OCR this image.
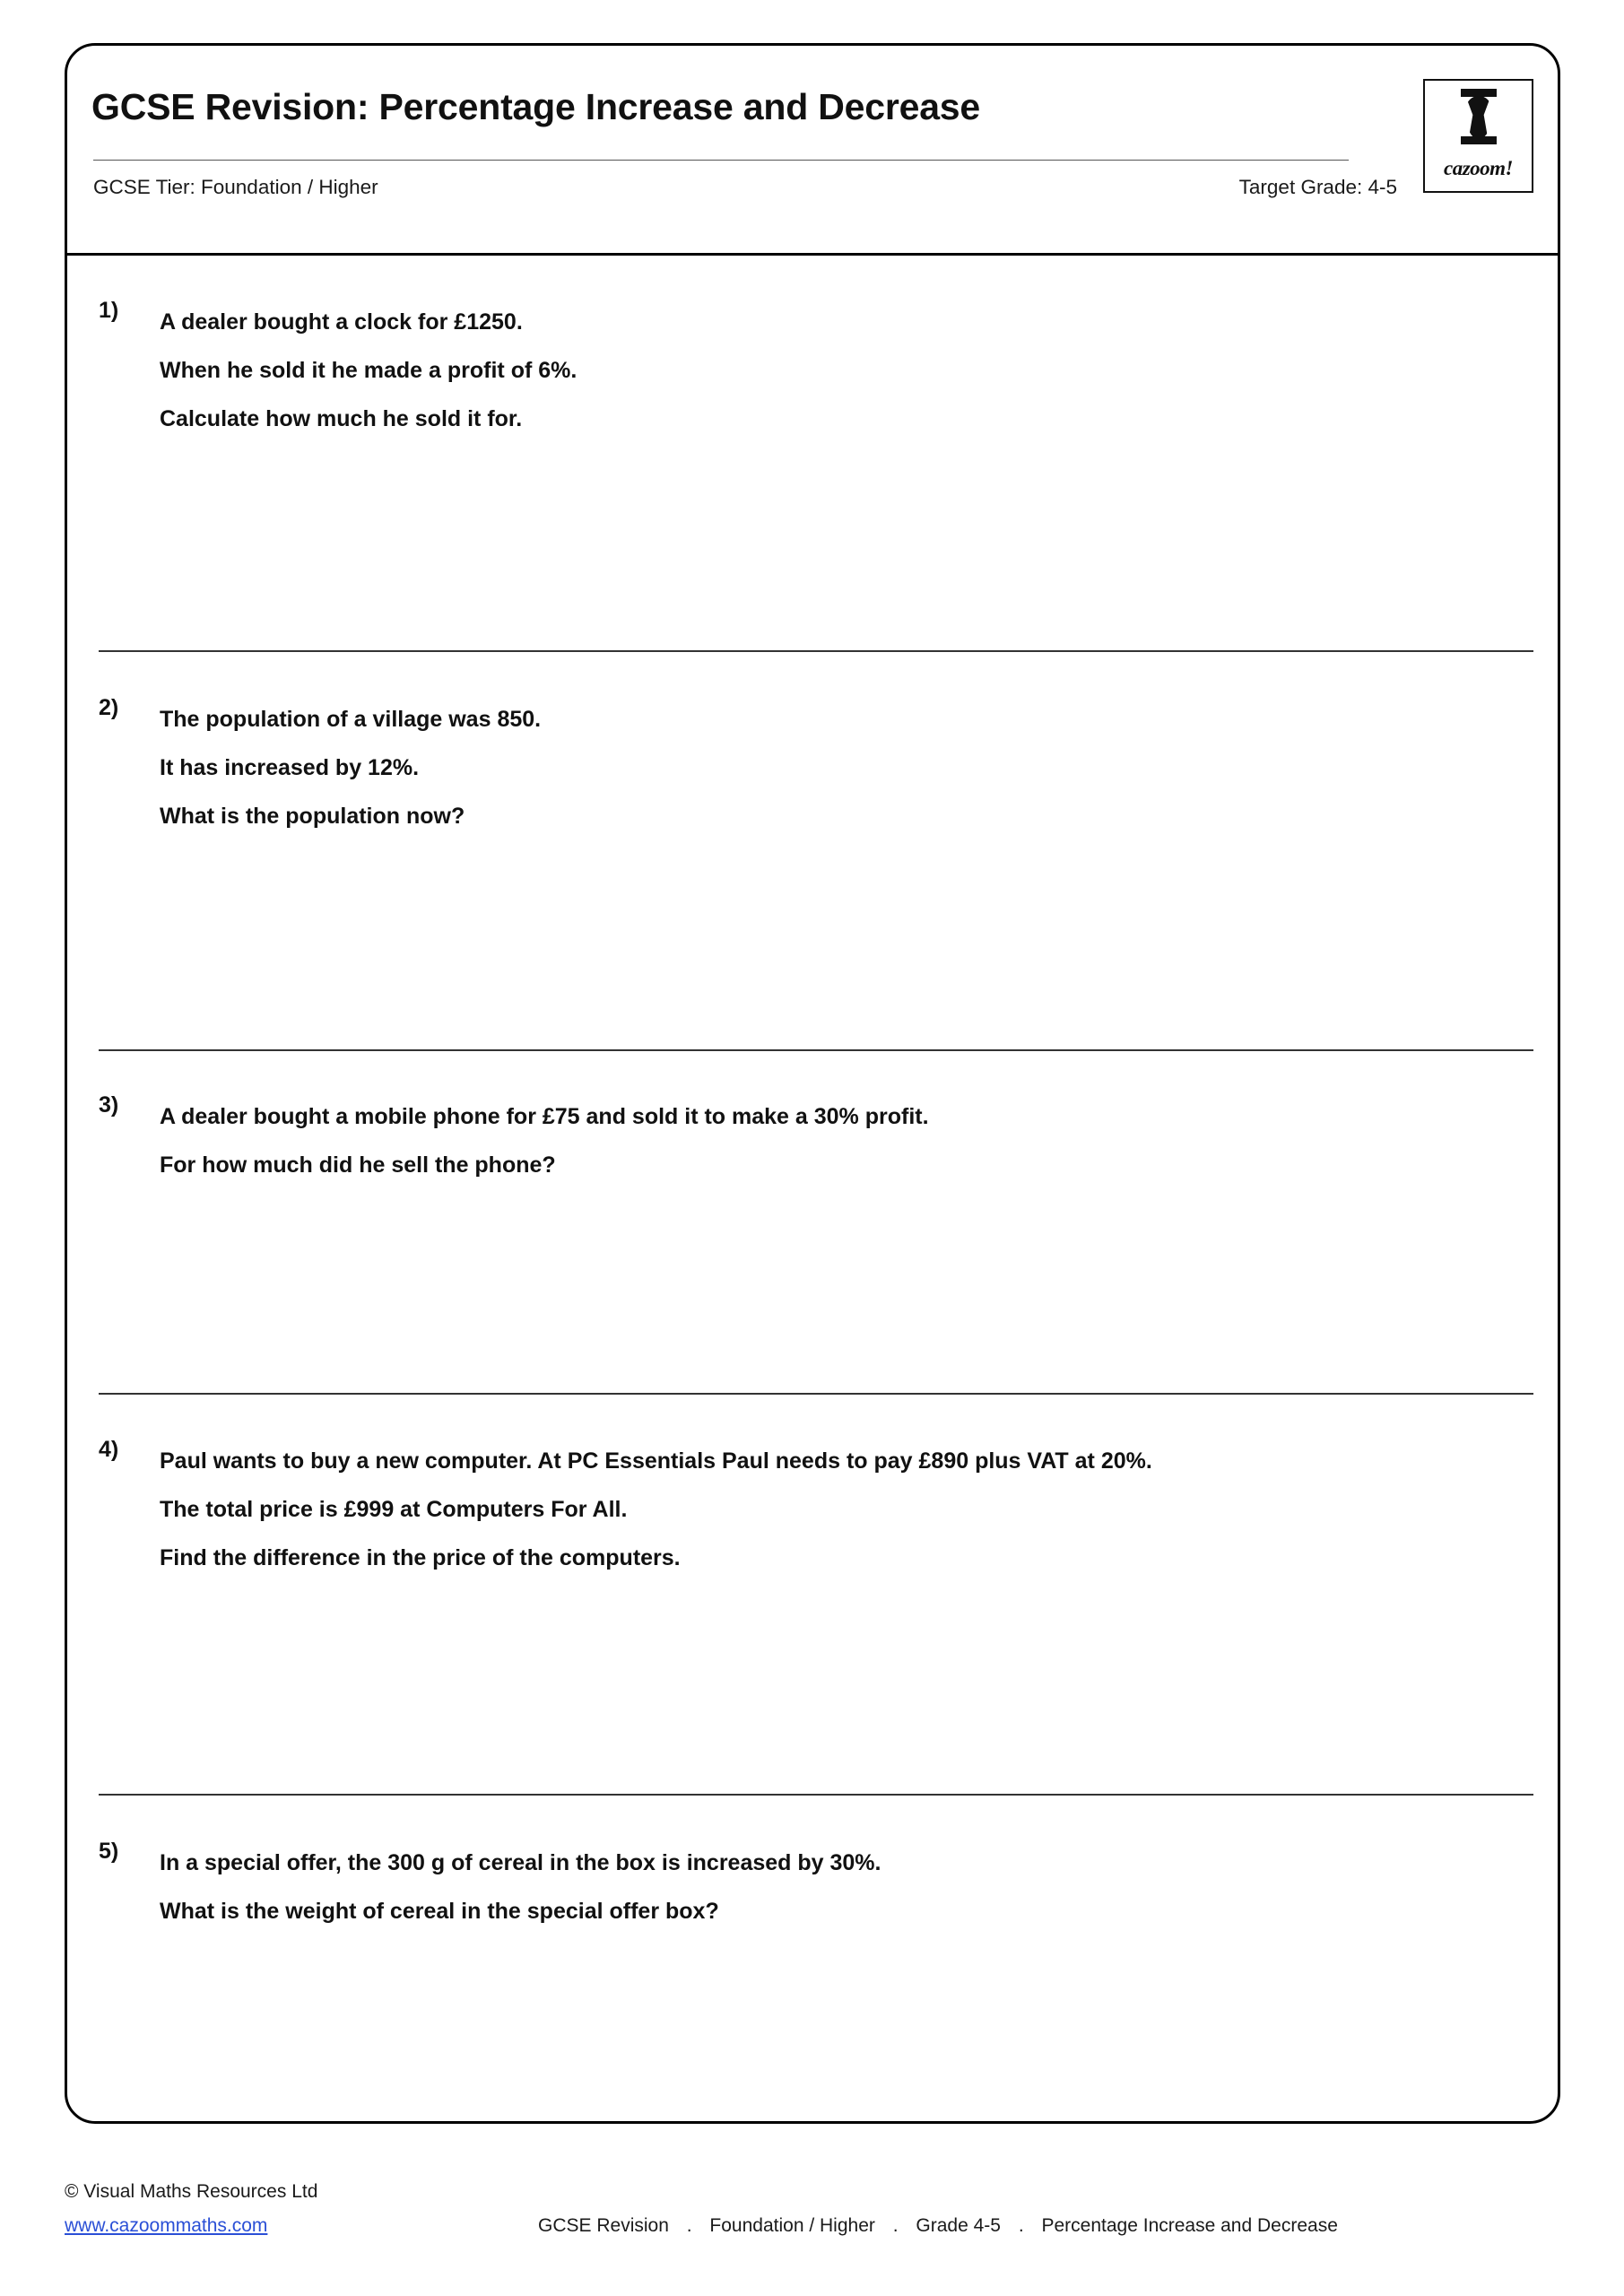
GCSE Revision: Percentage Increase and Decrease
GCSE Tier: Foundation / Higher	Target Grade: 4-5
cazoom!
1)	A dealer bought a clock for £1250.
When he sold it he made a profit of 6%.
Calculate how much he sold it for.
2)	The population of a village was 850.
It has increased by 12%.
What is the population now?
3)	A dealer bought a mobile phone for £75 and sold it to make a 30% profit.
For how much did he sell the phone?
4)	Paul wants to buy a new computer. At PC Essentials Paul needs to pay £890 plus VAT at 20%.
The total price is £999 at Computers For All.
Find the difference in the price of the computers.
5)	In a special offer, the 300 g of cereal in the box is increased by 30%.
What is the weight of cereal in the special offer box?
© Visual Maths Resources Ltd
www.cazoommaths.com	GCSE Revision . Foundation / Higher . Grade 4-5 . Percentage Increase and Decrease
